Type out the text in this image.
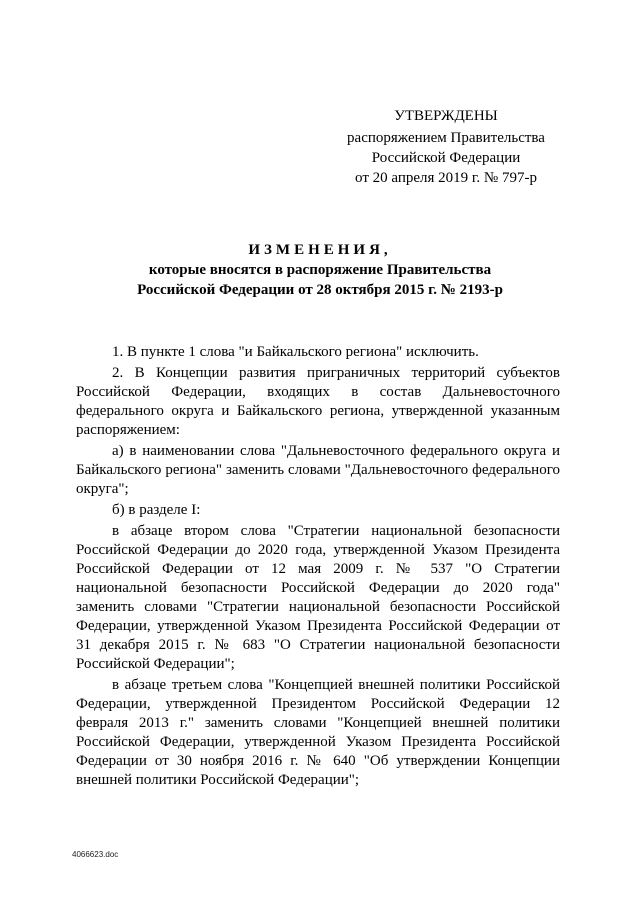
УТВЕРЖДЕНЫ
распоряжением Правительства
Российской Федерации
от 20 апреля 2019 г. № 797-р
ИЗМЕНЕНИЯ,
которые вносятся в распоряжение Правительства
Российской Федерации от 28 октября 2015 г. № 2193-р

1. В пункте 1 слова "и Байкальского региона" исключить.

2. В Концепции развития приграничных территорий субъектов Российской Федерации, входящих в состав Дальневосточного федерального округа и Байкальского региона, утвержденной указанным распоряжением:

а) в наименовании слова "Дальневосточного федерального округа и Байкальского региона" заменить словами "Дальневосточного федерального округа";

б) в разделе I:

в абзаце втором слова "Стратегии национальной безопасности Российской Федерации до 2020 года, утвержденной Указом Президента Российской Федерации от 12 мая 2009 г. № 537 "О Стратегии национальной безопасности Российской Федерации до 2020 года" заменить словами "Стратегии национальной безопасности Российской Федерации, утвержденной Указом Президента Российской Федерации от 31 декабря 2015 г. № 683 "О Стратегии национальной безопасности Российской Федерации";

в абзаце третьем слова "Концепцией внешней политики Российской Федерации, утвержденной Президентом Российской Федерации 12 февраля 2013 г." заменить словами "Концепцией внешней политики Российской Федерации, утвержденной Указом Президента Российской Федерации от 30 ноября 2016 г. № 640 "Об утверждении Концепции внешней политики Российской Федерации";

4066623.doc
